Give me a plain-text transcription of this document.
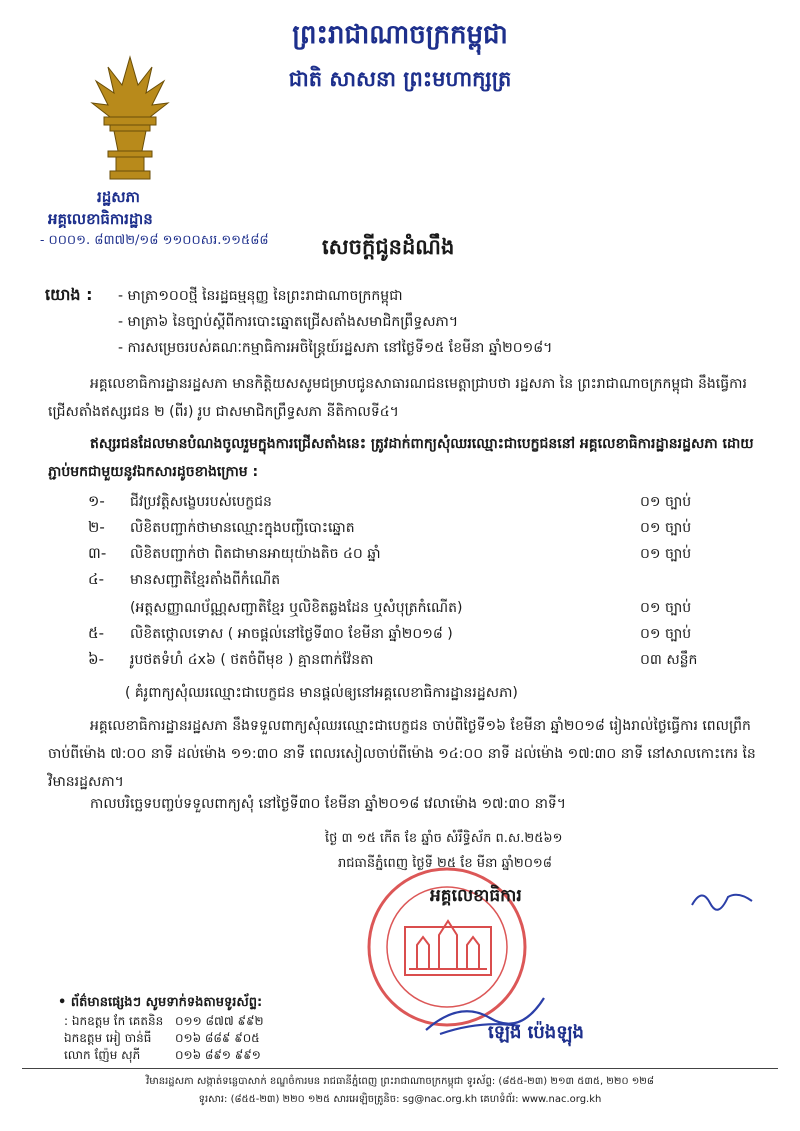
ព្រះរាជាណាចក្រកម្ពុជា
ជាតិ សាសនា ព្រះមហាក្សត្រ
រដ្ឋសភា
អគ្គលេខាធិការដ្ឋាន
- ០០០១. ៨៣៧២/១៨ ១១០០សរ.១១៥៨៨	សេចក្ដីជូនដំណឹង
យោង : - មាត្រា១០០ថ្មី នៃរដ្ឋធម្មនុញ្ញ នៃព្រះរាជាណាចក្រកម្ពុជា
- មាត្រា៦ នៃច្បាប់ស្ដីពីការបោះឆ្នោតជ្រើសតាំងសមាជិកព្រឹទ្ធសភា។
- ការសម្រេចរបស់គណៈកម្មាធិការអចិន្ត្រៃយ៍រដ្ឋសភា នៅថ្ងៃទី១៥ ខែមីនា ឆ្នាំ២០១៨។
អគ្គលេខាធិការដ្ឋានរដ្ឋសភា មានកិត្តិយសសូមជម្រាបជូនសាធារណជនមេត្តាជ្រាបថា រដ្ឋសភា នៃ ព្រះរាជាណាចក្រកម្ពុជា នឹងធ្វើការជ្រើសតាំងឥស្សរជន ២ (ពីរ) រូប ជាសមាជិកព្រឹទ្ធសភា នីតិកាលទី៤។
ឥស្សរជនដែលមានបំណងចូលរួមក្នុងការជ្រើសតាំងនេះ ត្រូវដាក់ពាក្យសុំឈរឈ្មោះជាបេក្ខជននៅ អគ្គលេខាធិការដ្ឋានរដ្ឋសភា ដោយភ្ជាប់មកជាមួយនូវឯកសារដូចខាងក្រោម :
១- ជីវប្រវត្តិសង្ខេបរបស់បេក្ខជន	០១ ច្បាប់
២- លិខិតបញ្ជាក់ថាមានឈ្មោះក្នុងបញ្ជីបោះឆ្នោត	០១ ច្បាប់
៣- លិខិតបញ្ជាក់ថា ពិតជាមានអាយុយ៉ាងតិច ៤០ ឆ្នាំ	០១ ច្បាប់
៤- មានសញ្ជាតិខ្មែរតាំងពីកំណើត
(អត្តសញ្ញាណប័ណ្ណសញ្ជាតិខ្មែរ ឬលិខិតឆ្លងដែន ឬសំបុត្រកំណើត)	០១ ច្បាប់
៥- លិខិតថ្កោលទោស ( អាចផ្ដល់នៅថ្ងៃទី៣០ ខែមីនា ឆ្នាំ២០១៨ )	០១ ច្បាប់
៦- រូបថតទំហំ ៤x៦ ( ថតចំពីមុខ ) គ្មានពាក់វ៉ែនតា	០៣ សន្លឹក
( គំរូពាក្យសុំឈរឈ្មោះជាបេក្ខជន មានផ្ដល់ឲ្យនៅអគ្គលេខាធិការដ្ឋានរដ្ឋសភា)
អគ្គលេខាធិការដ្ឋានរដ្ឋសភា នឹងទទួលពាក្យសុំឈរឈ្មោះជាបេក្ខជន ចាប់ពីថ្ងៃទី១៦ ខែមីនា ឆ្នាំ២០១៨ រៀងរាល់ថ្ងៃធ្វើការ ពេលព្រឹក ចាប់ពីម៉ោង ៧:០០ នាទី ដល់ម៉ោង ១១:៣០ នាទី ពេលរសៀលចាប់ពីម៉ោង ១៤:០០ នាទី ដល់ម៉ោង ១៧:៣០ នាទី នៅសាលកោះកេរ នៃវិមានរដ្ឋសភា។
កាលបរិច្ឆេទបញ្ចប់ទទួលពាក្យសុំ នៅថ្ងៃទី៣០ ខែមីនា ឆ្នាំ២០១៨ វេលាម៉ោង ១៧:៣០ នាទី។
ថ្ងៃ ៣ ១៥ កើត ខែ ឆ្នាំច សំរឹទ្ធិស័ក ព.ស.២៥៦១
រាជធានីភ្នំពេញ ថ្ងៃទី ២៥ ខែ មីនា ឆ្នាំ២០១៨
អគ្គលេខាធិការ
ឡេង ប៉េងឡុង
• ព័ត៌មានផ្សេងៗ សូមទាក់ទងតាមទូរស័ព្ទ:
: ឯកឧត្តម កែ គេតនិន ០១១ ៨៧៧ ៩៩២
ឯកឧត្តម អៀ ចាន់ធី ០១៦ ៨៨៩ ៩០៥
លោក ញ៉ែម សុភី	០១៦ ៨៩១ ៩៩១
វិមានរដ្ឋសភា សង្កាត់ទន្លេបាសាក់ ខណ្ឌចំការមន រាជធានីភ្នំពេញ ព្រះរាជាណាចក្រកម្ពុជា ទូរស័ព្ទ: (៨៥៥-២៣) ២១៣ ៥៣៥, ២២០ ១២៨
ទូរសារ: (៨៥៥-២៣) ២២០ ១២៥ សារអេឡិចត្រូនិច: sg@nac.org.kh គេហទំព័រ: www.nac.org.kh
